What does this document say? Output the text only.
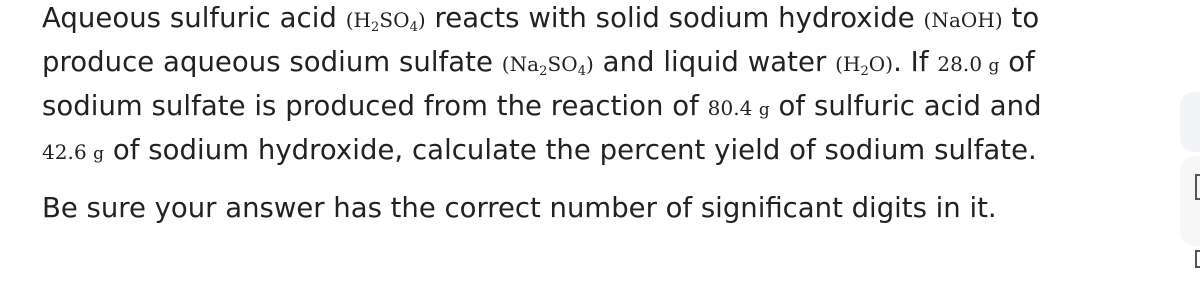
Aqueous sulfuric acid $(H_2SO_4)$ reacts with solid sodium hydroxide (NaOH) to
produce aqueous sodium sulfate $(Na_2SO_4)$ and liquid water $(H_2O)$. If 28.0 g of
sodium sulfate is produced from the reaction of 80.4 g of sulfuric acid and
42.6 g of sodium hydroxide, calculate the percent yield of sodium sulfate.
Be sure your answer has the correct number of significant digits in it.
